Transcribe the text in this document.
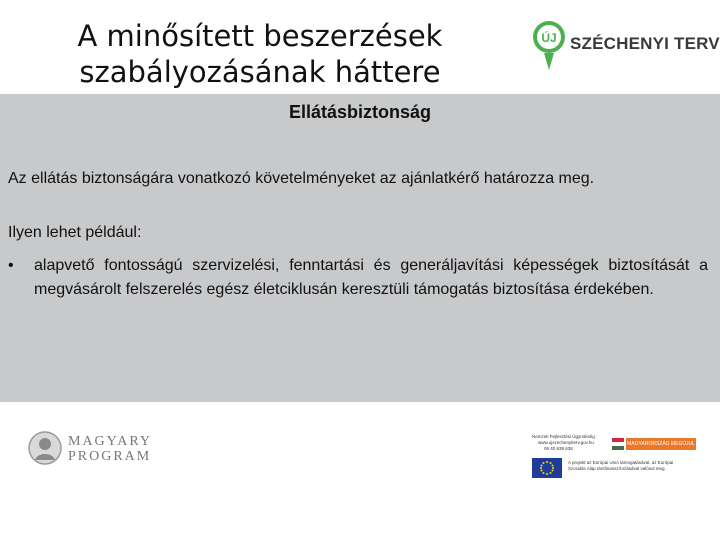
A minősített beszerzések
szabályozásának háttere
ÚJ SZÉCHENYI TERV
Ellátásbiztonság
Az ellátás biztonságára vonatkozó követelményeket az ajánlatkérő határozza meg.
Ilyen lehet például:
•	alapvető fontosságú szervizelési, fenntartási és generáljavítási képességek biztosítását a megvásárolt felszerelés egész életciklusán keresztüli támogatás biztosítása érdekében.
MAGYARY
PROGRAM
Nemzeti Fejlesztési Ügynökség
www.ujszechenyiterv.gov.hu
06 40 638 638
MAGYARORSZÁG MEGÚJUL
A projekt az Európai Unió támogatásával, az Európai
Szociális Alap társfinanszírozásával valósul meg.
